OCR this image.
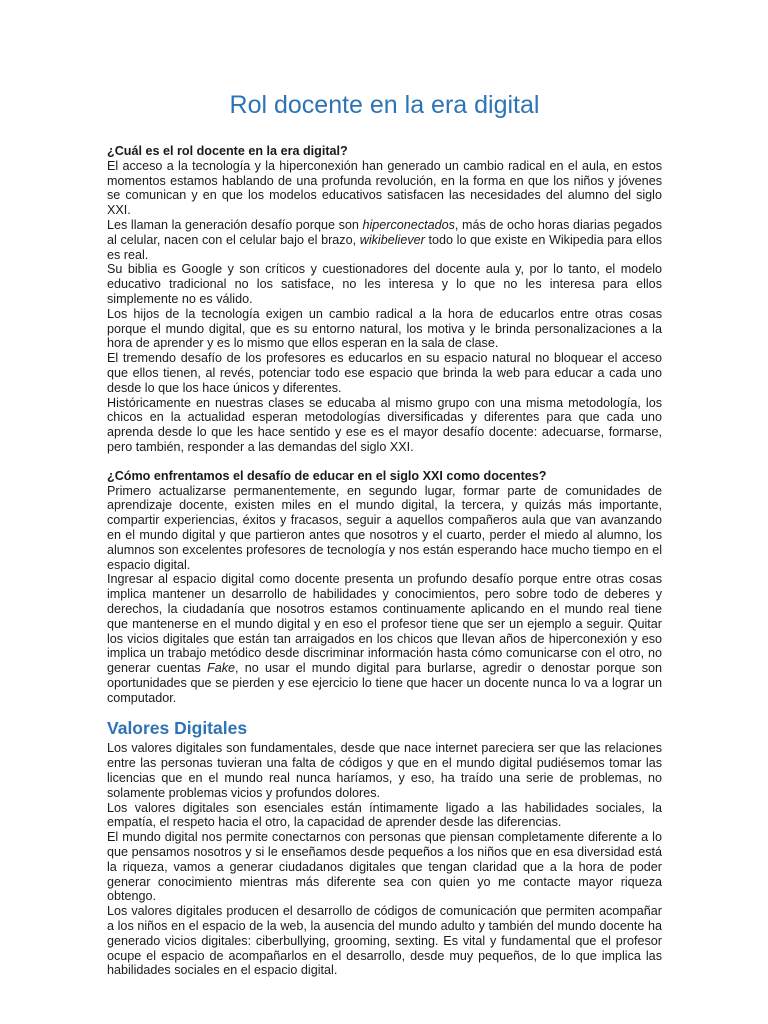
Rol docente en la era digital

¿Cuál es el rol docente en la era digital?

El acceso a la tecnología y la hiperconexión han generado un cambio radical en el aula, en estos momentos estamos hablando de una profunda revolución, en la forma en que los niños y jóvenes se comunican y en que los modelos educativos satisfacen las necesidades del alumno del siglo XXI.

Les llaman la generación desafío porque son hiperconectados, más de ocho horas diarias pegados al celular, nacen con el celular bajo el brazo, wikibeliever todo lo que existe en Wikipedia para ellos es real.

Su biblia es Google y son críticos y cuestionadores del docente aula y, por lo tanto, el modelo educativo tradicional no los satisface, no les interesa y lo que no les interesa para ellos simplemente no es válido.

Los hijos de la tecnología exigen un cambio radical a la hora de educarlos entre otras cosas porque el mundo digital, que es su entorno natural, los motiva y le brinda personalizaciones a la hora de aprender y es lo mismo que ellos esperan en la sala de clase.

El tremendo desafío de los profesores es educarlos en su espacio natural no bloquear el acceso que ellos tienen, al revés, potenciar todo ese espacio que brinda la web para educar a cada uno desde lo que los hace únicos y diferentes.

Históricamente en nuestras clases se educaba al mismo grupo con una misma metodología, los chicos en la actualidad esperan metodologías diversificadas y diferentes para que cada uno aprenda desde lo que les hace sentido y ese es el mayor desafío docente: adecuarse, formarse, pero también, responder a las demandas del siglo XXI.

¿Cómo enfrentamos el desafío de educar en el siglo XXI como docentes?

Primero actualizarse permanentemente, en segundo lugar, formar parte de comunidades de aprendizaje docente, existen miles en el mundo digital, la tercera, y quizás más importante, compartir experiencias, éxitos y fracasos, seguir a aquellos compañeros aula que van avanzando en el mundo digital y que partieron antes que nosotros y el cuarto, perder el miedo al alumno, los alumnos son excelentes profesores de tecnología y nos están esperando hace mucho tiempo en el espacio digital.

Ingresar al espacio digital como docente presenta un profundo desafío porque entre otras cosas implica mantener un desarrollo de habilidades y conocimientos, pero sobre todo de deberes y derechos, la ciudadanía que nosotros estamos continuamente aplicando en el mundo real tiene que mantenerse en el mundo digital y en eso el profesor tiene que ser un ejemplo a seguir. Quitar los vicios digitales que están tan arraigados en los chicos que llevan años de hiperconexión y eso implica un trabajo metódico desde discriminar información hasta cómo comunicarse con el otro, no generar cuentas Fake, no usar el mundo digital para burlarse, agredir o denostar porque son oportunidades que se pierden y ese ejercicio lo tiene que hacer un docente nunca lo va a lograr un computador.

Valores Digitales

Los valores digitales son fundamentales, desde que nace internet pareciera ser que las relaciones entre las personas tuvieran una falta de códigos y que en el mundo digital pudiésemos tomar las licencias que en el mundo real nunca haríamos, y eso, ha traído una serie de problemas, no solamente problemas vicios y profundos dolores.

Los valores digitales son esenciales están íntimamente ligado a las habilidades sociales, la empatía, el respeto hacia el otro, la capacidad de aprender desde las diferencias.

El mundo digital nos permite conectarnos con personas que piensan completamente diferente a lo que pensamos nosotros y si le enseñamos desde pequeños a los niños que en esa diversidad está la riqueza, vamos a generar ciudadanos digitales que tengan claridad que a la hora de poder generar conocimiento mientras más diferente sea con quien yo me contacte mayor riqueza obtengo.

Los valores digitales producen el desarrollo de códigos de comunicación que permiten acompañar a los niños en el espacio de la web, la ausencia del mundo adulto y también del mundo docente ha generado vicios digitales: ciberbullying, grooming, sexting. Es vital y fundamental que el profesor ocupe el espacio de acompañarlos en el desarrollo, desde muy pequeños, de lo que implica las habilidades sociales en el espacio digital.
